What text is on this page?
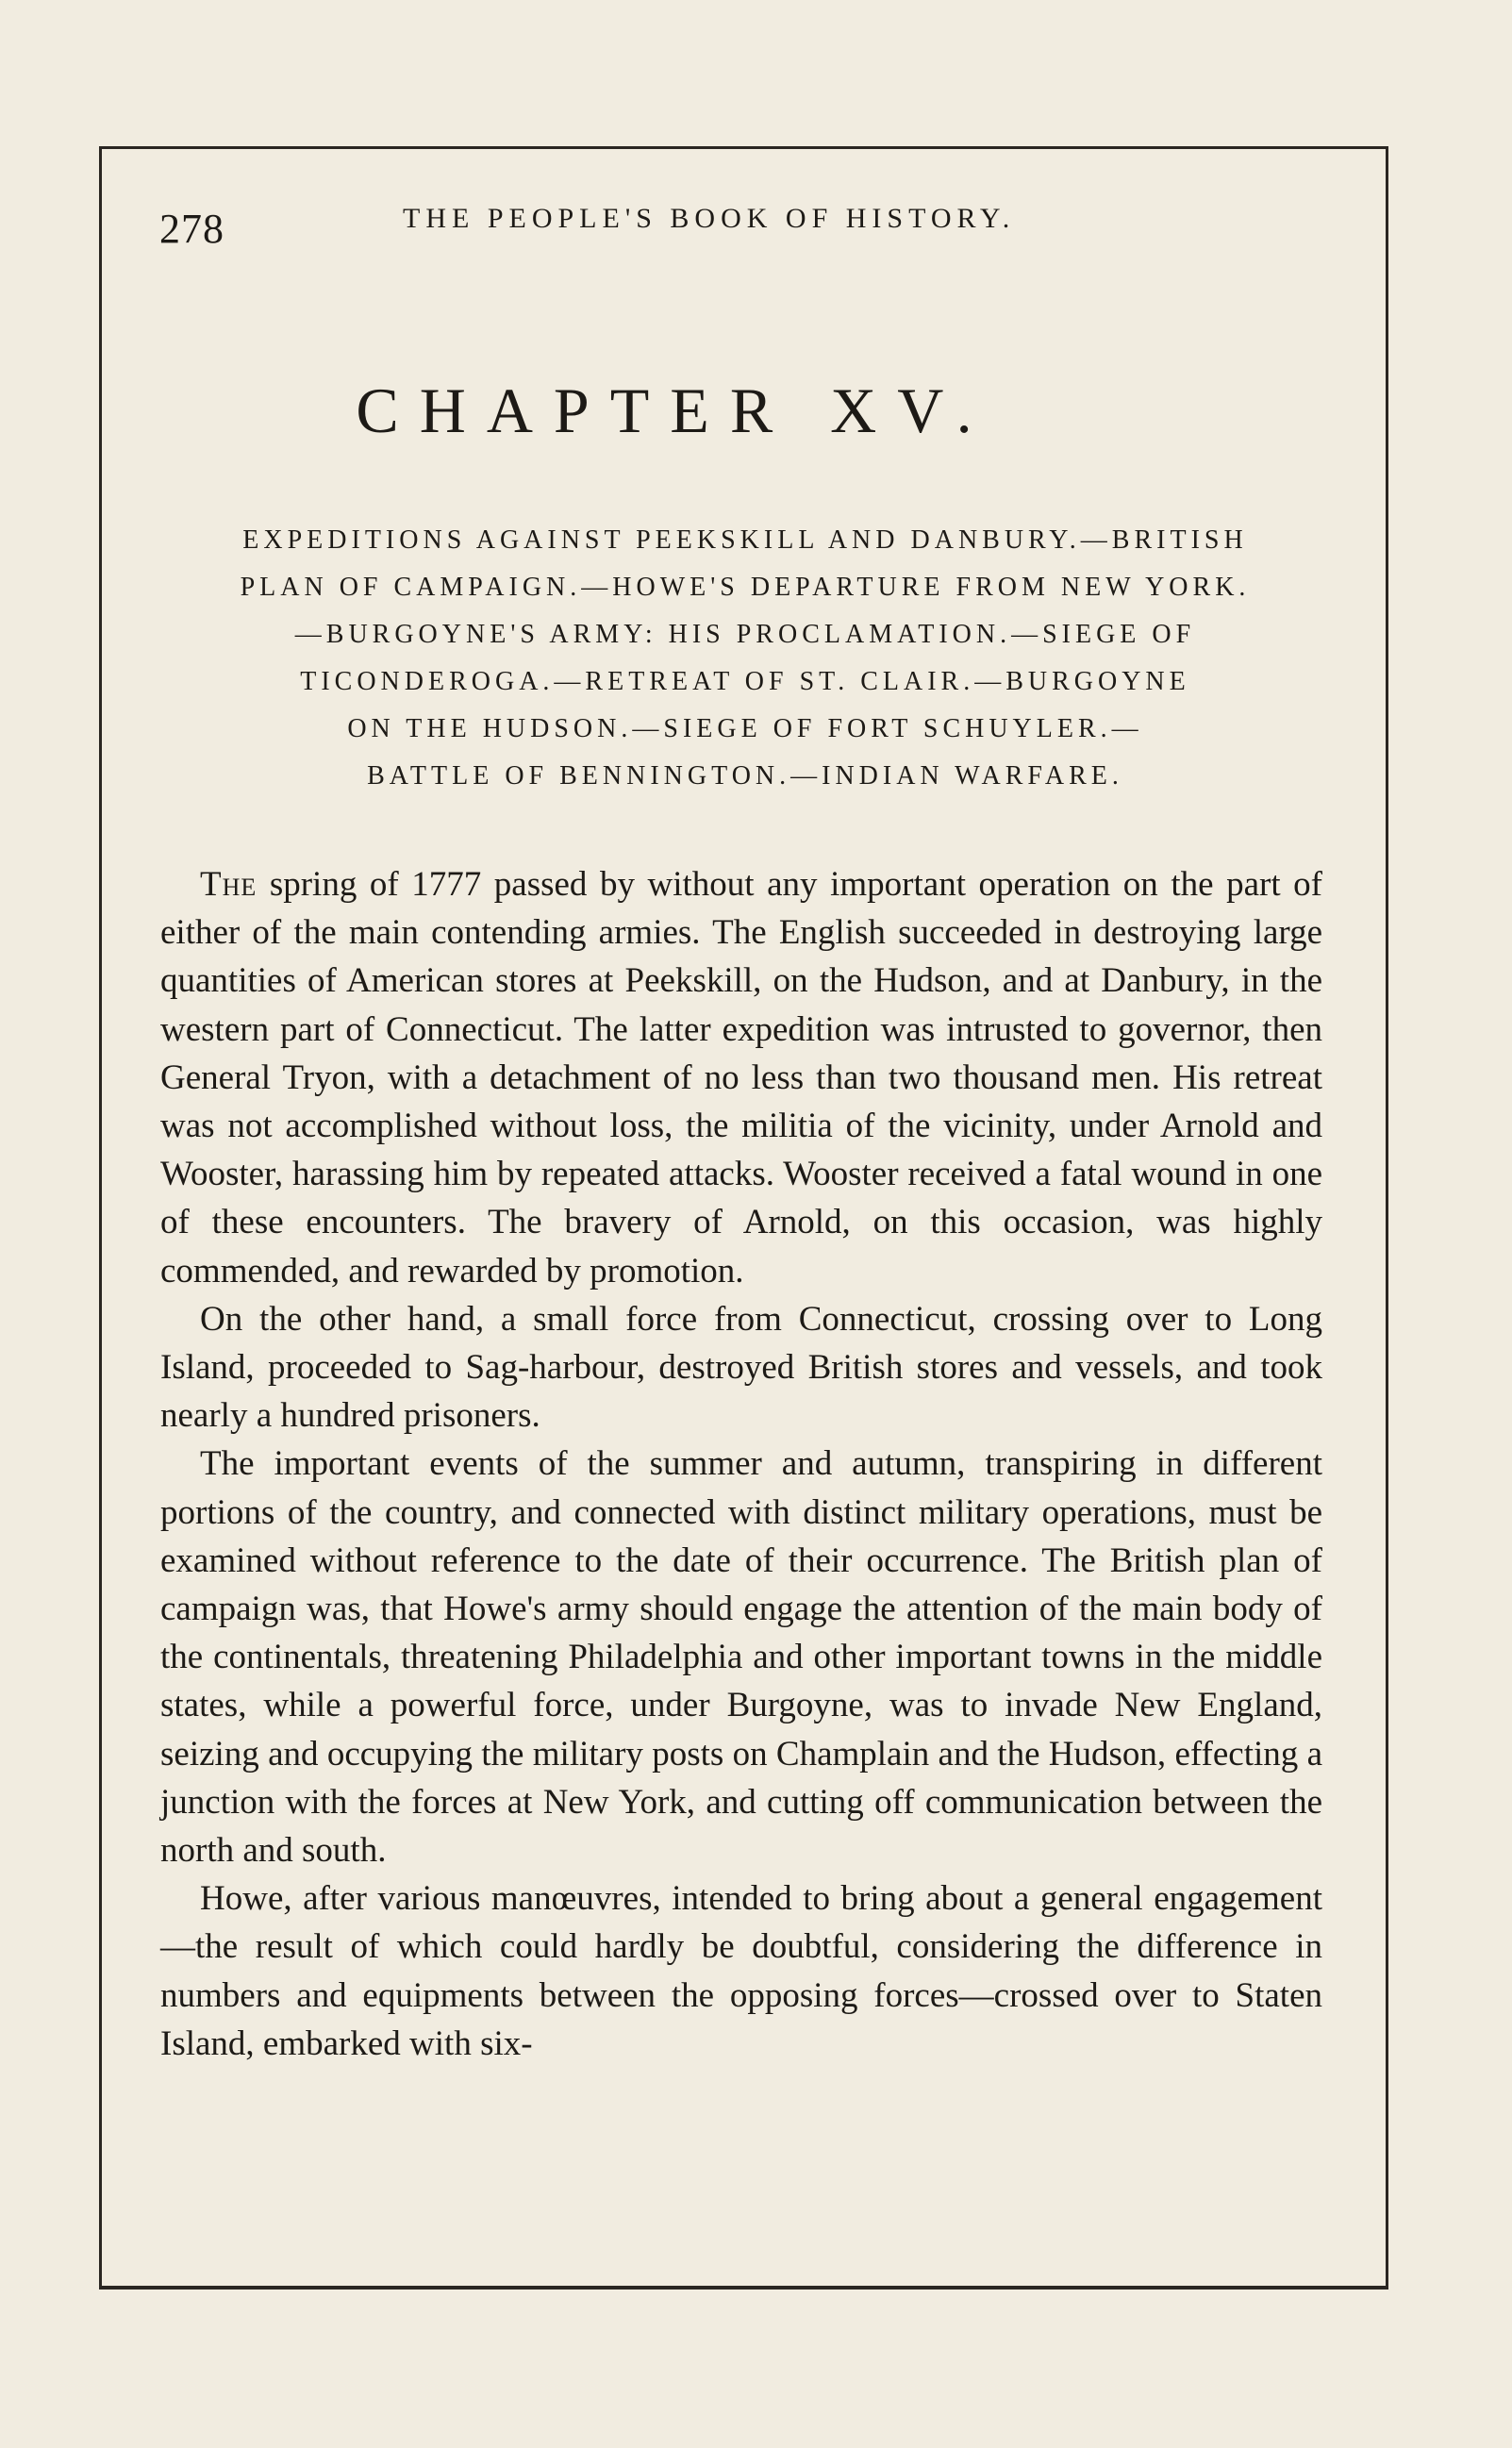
278	THE PEOPLE'S BOOK OF HISTORY.
CHAPTER XV.
EXPEDITIONS AGAINST PEEKSKILL AND DANBURY.—BRITISH
PLAN OF CAMPAIGN.—HOWE'S DEPARTURE FROM NEW YORK.
—BURGOYNE'S ARMY: HIS PROCLAMATION.—SIEGE OF
TICONDEROGA.—RETREAT OF ST. CLAIR.—BURGOYNE
ON THE HUDSON.—SIEGE OF FORT SCHUYLER.—
BATTLE OF BENNINGTON.—INDIAN WARFARE.

The spring of 1777 passed by without any important operation on the part of either of the main contending armies. The English succeeded in destroying large quantities of American stores at Peekskill, on the Hudson, and at Danbury, in the western part of Connecticut. The latter expedition was intrusted to governor, then General Tryon, with a detachment of no less than two thousand men. His retreat was not accomplished without loss, the militia of the vicinity, under Arnold and Wooster, harassing him by repeated attacks. Wooster received a fatal wound in one of these encounters. The bravery of Arnold, on this occasion, was highly commended, and rewarded by promotion.

On the other hand, a small force from Connecticut, crossing over to Long Island, proceeded to Sag-harbour, destroyed British stores and vessels, and took nearly a hundred prisoners.

The important events of the summer and autumn, transpiring in different portions of the country, and connected with distinct military operations, must be examined without reference to the date of their occurrence. The British plan of campaign was, that Howe's army should engage the attention of the main body of the continentals, threatening Philadelphia and other important towns in the middle states, while a powerful force, under Burgoyne, was to invade New England, seizing and occupying the military posts on Champlain and the Hudson, effecting a junction with the forces at New York, and cutting off communication between the north and south.

Howe, after various manœuvres, intended to bring about a general engagement—the result of which could hardly be doubtful, considering the difference in numbers and equipments between the opposing forces—crossed over to Staten Island, embarked with six-
